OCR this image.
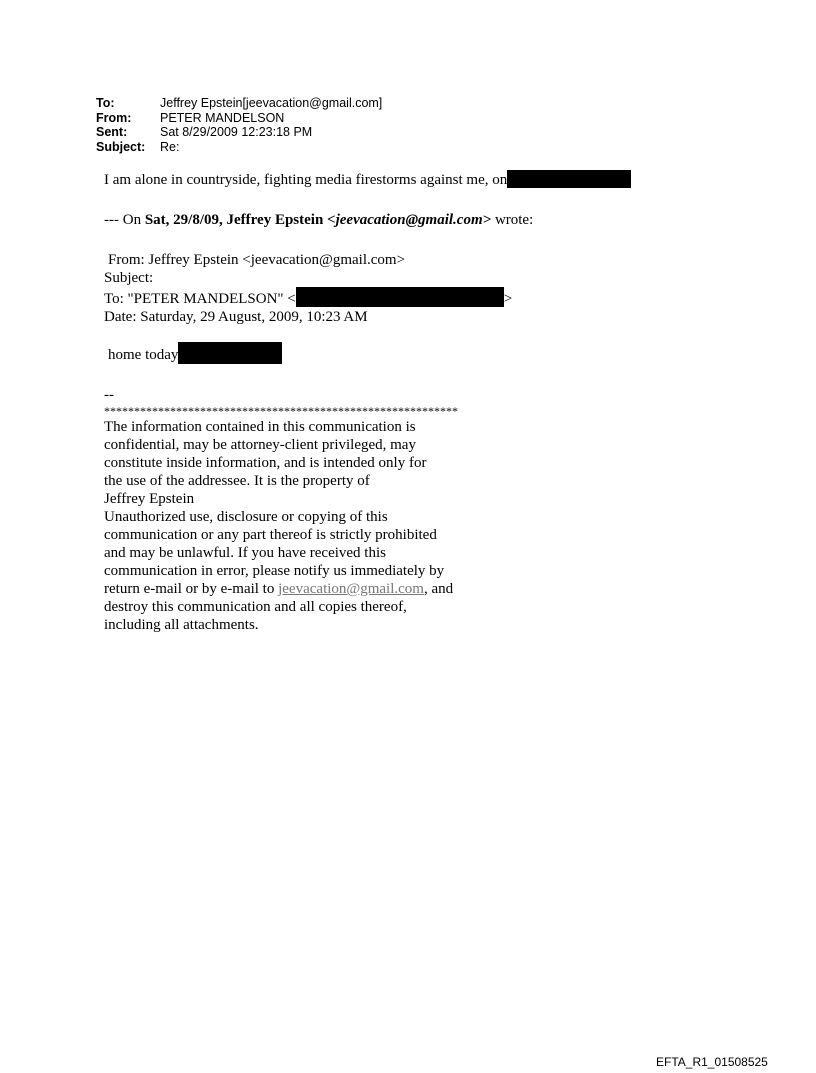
To:	Jeffrey Epstein[jeevacation@gmail.com]
From:	PETER MANDELSON
Sent:	Sat 8/29/2009 12:23:18 PM
Subject:	Re:
I am alone in countryside, fighting media firestorms against me, on
--- On Sat, 29/8/09, Jeffrey Epstein <jeevacation@gmail.com> wrote:
From: Jeffrey Epstein <jeevacation@gmail.com>
Subject:
To: "PETER MANDELSON" <	>
Date: Saturday, 29 August, 2009, 10:23 AM
home today
--
***********************************************************
The information contained in this communication is
confidential, may be attorney-client privileged, may
constitute inside information, and is intended only for
the use of the addressee. It is the property of
Jeffrey Epstein
Unauthorized use, disclosure or copying of this
communication or any part thereof is strictly prohibited
and may be unlawful. If you have received this
communication in error, please notify us immediately by
return e-mail or by e-mail to jeevacation@gmail.com, and
destroy this communication and all copies thereof,
including all attachments.
EFTA_R1_01508525
